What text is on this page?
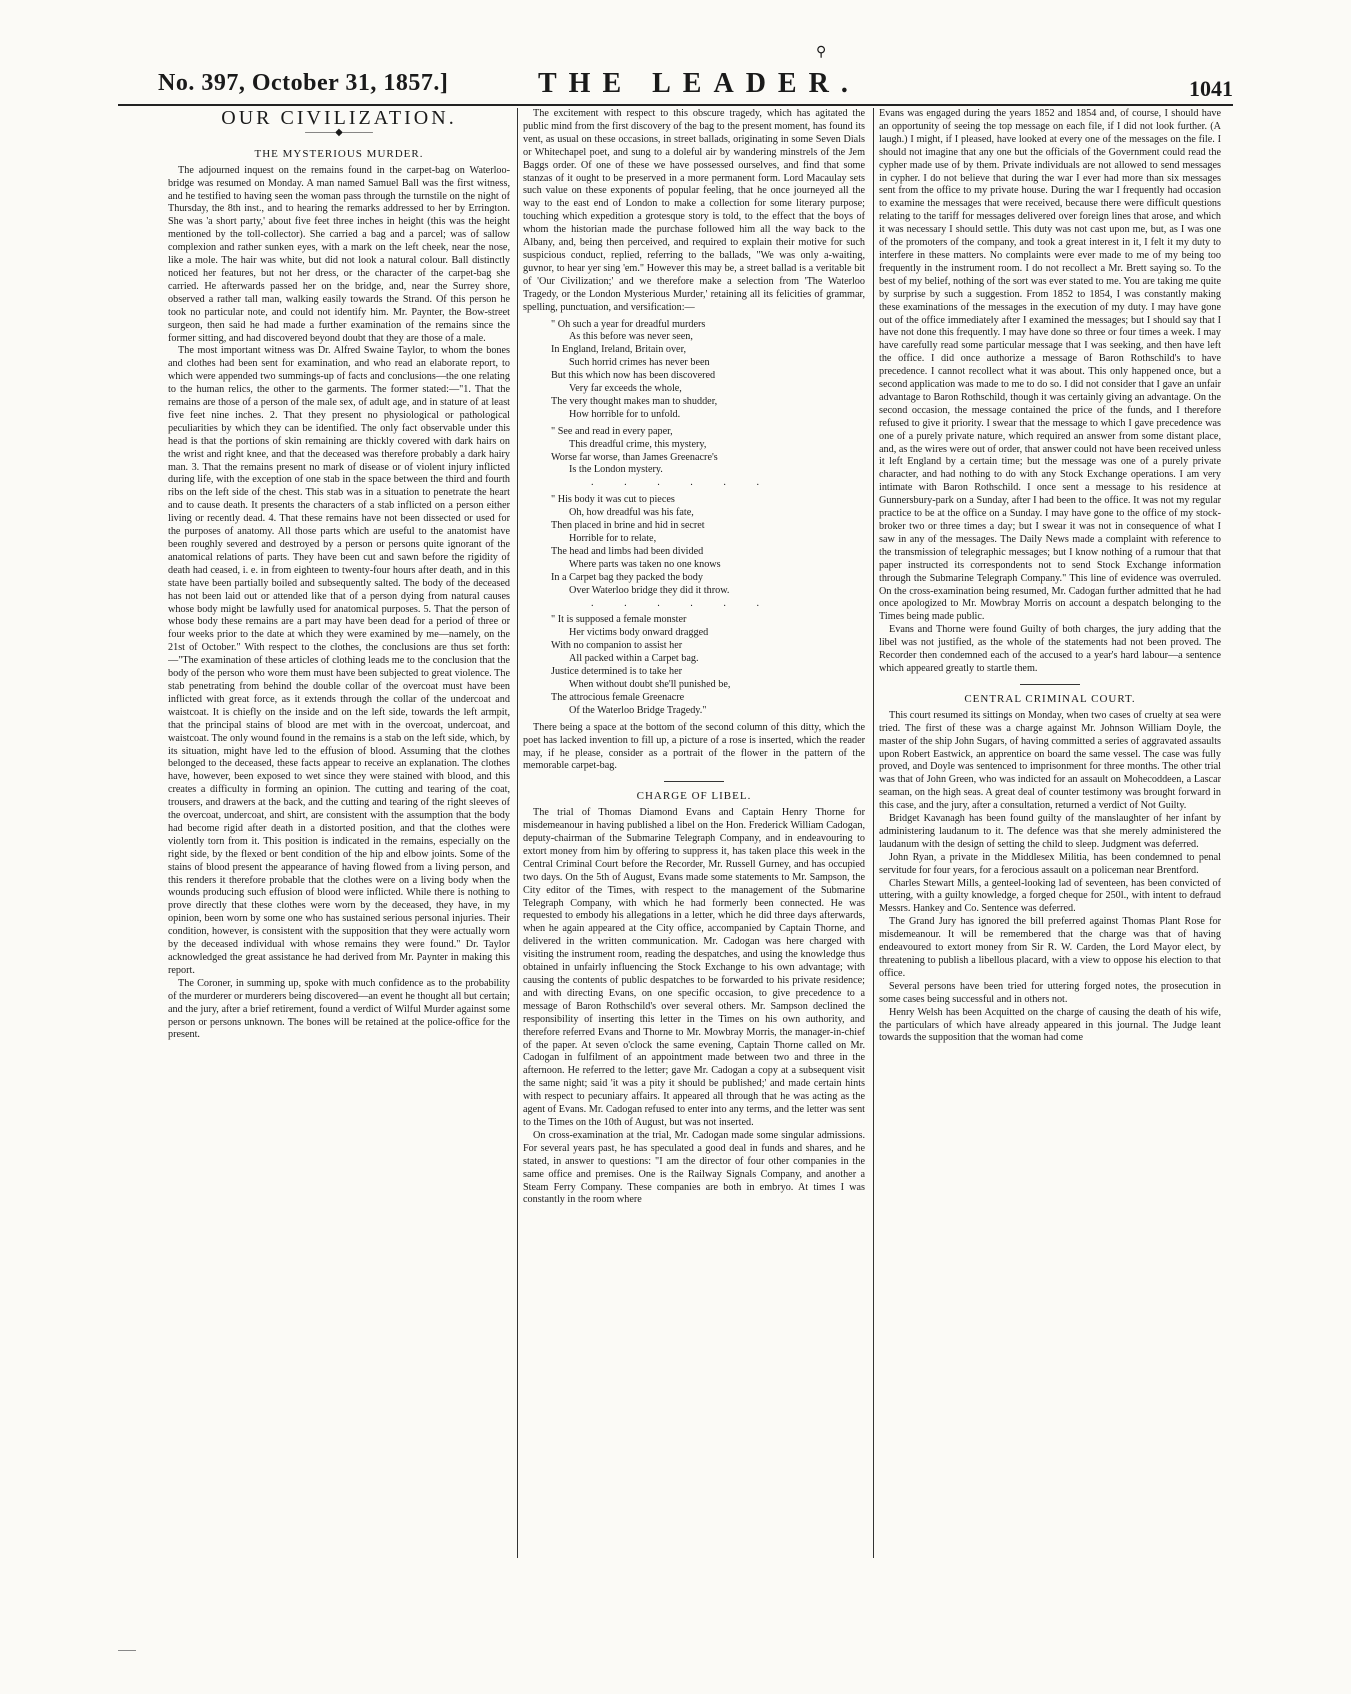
⚲
No. 397, October 31, 1857.]	THE LEADER.	1041
OUR CIVILIZATION.
———◆———
THE MYSTERIOUS MURDER.

The adjourned inquest on the remains found in the carpet-bag on Waterloo-bridge was resumed on Monday. A man named Samuel Ball was the first witness, and he testified to having seen the woman pass through the turnstile on the night of Thursday, the 8th inst., and to hearing the remarks addressed to her by Errington. She was 'a short party,' about five feet three inches in height (this was the height mentioned by the toll-collector). She carried a bag and a parcel; was of sallow complexion and rather sunken eyes, with a mark on the left cheek, near the nose, like a mole. The hair was white, but did not look a natural colour. Ball distinctly noticed her features, but not her dress, or the character of the carpet-bag she carried. He afterwards passed her on the bridge, and, near the Surrey shore, observed a rather tall man, walking easily towards the Strand. Of this person he took no particular note, and could not identify him. Mr. Paynter, the Bow-street surgeon, then said he had made a further examination of the remains since the former sitting, and had discovered beyond doubt that they are those of a male.

The most important witness was Dr. Alfred Swaine Taylor, to whom the bones and clothes had been sent for examination, and who read an elaborate report, to which were appended two summings-up of facts and conclusions—the one relating to the human relics, the other to the garments. The former stated:—"1. That the remains are those of a person of the male sex, of adult age, and in stature of at least five feet nine inches. 2. That they present no physiological or pathological peculiarities by which they can be identified. The only fact observable under this head is that the portions of skin remaining are thickly covered with dark hairs on the wrist and right knee, and that the deceased was therefore probably a dark hairy man. 3. That the remains present no mark of disease or of violent injury inflicted during life, with the exception of one stab in the space between the third and fourth ribs on the left side of the chest. This stab was in a situation to penetrate the heart and to cause death. It presents the characters of a stab inflicted on a person either living or recently dead. 4. That these remains have not been dissected or used for the purposes of anatomy. All those parts which are useful to the anatomist have been roughly severed and destroyed by a person or persons quite ignorant of the anatomical relations of parts. They have been cut and sawn before the rigidity of death had ceased, i. e. in from eighteen to twenty-four hours after death, and in this state have been partially boiled and subsequently salted. The body of the deceased has not been laid out or attended like that of a person dying from natural causes whose body might be lawfully used for anatomical purposes. 5. That the person of whose body these remains are a part may have been dead for a period of three or four weeks prior to the date at which they were examined by me—namely, on the 21st of October." With respect to the clothes, the conclusions are thus set forth:—"The examination of these articles of clothing leads me to the conclusion that the body of the person who wore them must have been subjected to great violence. The stab penetrating from behind the double collar of the overcoat must have been inflicted with great force, as it extends through the collar of the undercoat and waistcoat. It is chiefly on the inside and on the left side, towards the left armpit, that the principal stains of blood are met with in the overcoat, undercoat, and waistcoat. The only wound found in the remains is a stab on the left side, which, by its situation, might have led to the effusion of blood. Assuming that the clothes belonged to the deceased, these facts appear to receive an explanation. The clothes have, however, been exposed to wet since they were stained with blood, and this creates a difficulty in forming an opinion. The cutting and tearing of the coat, trousers, and drawers at the back, and the cutting and tearing of the right sleeves of the overcoat, undercoat, and shirt, are consistent with the assumption that the body had become rigid after death in a distorted position, and that the clothes were violently torn from it. This position is indicated in the remains, especially on the right side, by the flexed or bent condition of the hip and elbow joints. Some of the stains of blood present the appearance of having flowed from a living person, and this renders it therefore probable that the clothes were on a living body when the wounds producing such effusion of blood were inflicted. While there is nothing to prove directly that these clothes were worn by the deceased, they have, in my opinion, been worn by some one who has sustained serious personal injuries. Their condition, however, is consistent with the supposition that they were actually worn by the deceased individual with whose remains they were found." Dr. Taylor acknowledged the great assistance he had derived from Mr. Paynter in making this report.

The Coroner, in summing up, spoke with much confidence as to the probability of the murderer or murderers being discovered—an event he thought all but certain; and the jury, after a brief retirement, found a verdict of Wilful Murder against some person or persons unknown. The bones will be retained at the police-office for the present.

The excitement with respect to this obscure tragedy, which has agitated the public mind from the first discovery of the bag to the present moment, has found its vent, as usual on these occasions, in street ballads, originating in some Seven Dials or Whitechapel poet, and sung to a doleful air by wandering minstrels of the Jem Baggs order. Of one of these we have possessed ourselves, and find that some stanzas of it ought to be preserved in a more permanent form. Lord Macaulay sets such value on these exponents of popular feeling, that he once journeyed all the way to the east end of London to make a collection for some literary purpose; touching which expedition a grotesque story is told, to the effect that the boys of whom the historian made the purchase followed him all the way back to the Albany, and, being then perceived, and required to explain their motive for such suspicious conduct, replied, referring to the ballads, "We was only a-waiting, guvnor, to hear yer sing 'em." However this may be, a street ballad is a veritable bit of 'Our Civilization;' and we therefore make a selection from 'The Waterloo Tragedy, or the London Mysterious Murder,' retaining all its felicities of grammar, spelling, punctuation, and versification:—

" Oh such a year for dreadful murders
As this before was never seen,
In England, Ireland, Britain over,
Such horrid crimes has never been
But this which now has been discovered
Very far exceeds the whole,
The very thought makes man to shudder,
How horrible for to unfold.
" See and read in every paper,
This dreadful crime, this mystery,
Worse far worse, than James Greenacre's
Is the London mystery.
. . . . . .
" His body it was cut to pieces
Oh, how dreadful was his fate,
Then placed in brine and hid in secret
Horrible for to relate,
The head and limbs had been divided
Where parts was taken no one knows
In a Carpet bag they packed the body
Over Waterloo bridge they did it throw.
. . . . . .
" It is supposed a female monster
Her victims body onward dragged
With no companion to assist her
All packed within a Carpet bag.
Justice determined is to take her
When without doubt she'll punished be,
The attrocious female Greenacre
Of the Waterloo Bridge Tragedy."

There being a space at the bottom of the second column of this ditty, which the poet has lacked invention to fill up, a picture of a rose is inserted, which the reader may, if he please, consider as a portrait of the flower in the pattern of the memorable carpet-bag.

CHARGE OF LIBEL.

The trial of Thomas Diamond Evans and Captain Henry Thorne for misdemeanour in having published a libel on the Hon. Frederick William Cadogan, deputy-chairman of the Submarine Telegraph Company, and in endeavouring to extort money from him by offering to suppress it, has taken place this week in the Central Criminal Court before the Recorder, Mr. Russell Gurney, and has occupied two days. On the 5th of August, Evans made some statements to Mr. Sampson, the City editor of the Times, with respect to the management of the Submarine Telegraph Company, with which he had formerly been connected. He was requested to embody his allegations in a letter, which he did three days afterwards, when he again appeared at the City office, accompanied by Captain Thorne, and delivered in the written communication. Mr. Cadogan was here charged with visiting the instrument room, reading the despatches, and using the knowledge thus obtained in unfairly influencing the Stock Exchange to his own advantage; with causing the contents of public despatches to be forwarded to his private residence; and with directing Evans, on one specific occasion, to give precedence to a message of Baron Rothschild's over several others. Mr. Sampson declined the responsibility of inserting this letter in the Times on his own authority, and therefore referred Evans and Thorne to Mr. Mowbray Morris, the manager-in-chief of the paper. At seven o'clock the same evening, Captain Thorne called on Mr. Cadogan in fulfilment of an appointment made between two and three in the afternoon. He referred to the letter; gave Mr. Cadogan a copy at a subsequent visit the same night; said 'it was a pity it should be published;' and made certain hints with respect to pecuniary affairs. It appeared all through that he was acting as the agent of Evans. Mr. Cadogan refused to enter into any terms, and the letter was sent to the Times on the 10th of August, but was not inserted.

On cross-examination at the trial, Mr. Cadogan made some singular admissions. For several years past, he has speculated a good deal in funds and shares, and he stated, in answer to questions: "I am the director of four other companies in the same office and premises. One is the Railway Signals Company, and another a Steam Ferry Company. These companies are both in embryo. At times I was constantly in the room where

Evans was engaged during the years 1852 and 1854 and, of course, I should have an opportunity of seeing the top message on each file, if I did not look further. (A laugh.) I might, if I pleased, have looked at every one of the messages on the file. I should not imagine that any one but the officials of the Government could read the cypher made use of by them. Private individuals are not allowed to send messages in cypher. I do not believe that during the war I ever had more than six messages sent from the office to my private house. During the war I frequently had occasion to examine the messages that were received, because there were difficult questions relating to the tariff for messages delivered over foreign lines that arose, and which it was necessary I should settle. This duty was not cast upon me, but, as I was one of the promoters of the company, and took a great interest in it, I felt it my duty to interfere in these matters. No complaints were ever made to me of my being too frequently in the instrument room. I do not recollect a Mr. Brett saying so. To the best of my belief, nothing of the sort was ever stated to me. You are taking me quite by surprise by such a suggestion. From 1852 to 1854, I was constantly making these examinations of the messages in the execution of my duty. I may have gone out of the office immediately after I examined the messages; but I should say that I have not done this frequently. I may have done so three or four times a week. I may have carefully read some particular message that I was seeking, and then have left the office. I did once authorize a message of Baron Rothschild's to have precedence. I cannot recollect what it was about. This only happened once, but a second application was made to me to do so. I did not consider that I gave an unfair advantage to Baron Rothschild, though it was certainly giving an advantage. On the second occasion, the message contained the price of the funds, and I therefore refused to give it priority. I swear that the message to which I gave precedence was one of a purely private nature, which required an answer from some distant place, and, as the wires were out of order, that answer could not have been received unless it left England by a certain time; but the message was one of a purely private character, and had nothing to do with any Stock Exchange operations. I am very intimate with Baron Rothschild. I once sent a message to his residence at Gunnersbury-park on a Sunday, after I had been to the office. It was not my regular practice to be at the office on a Sunday. I may have gone to the office of my stock-broker two or three times a day; but I swear it was not in consequence of what I saw in any of the messages. The Daily News made a complaint with reference to the transmission of telegraphic messages; but I know nothing of a rumour that that paper instructed its correspondents not to send Stock Exchange information through the Submarine Telegraph Company." This line of evidence was overruled. On the cross-examination being resumed, Mr. Cadogan further admitted that he had once apologized to Mr. Mowbray Morris on account a despatch belonging to the Times being made public.

Evans and Thorne were found Guilty of both charges, the jury adding that the libel was not justified, as the whole of the statements had not been proved. The Recorder then condemned each of the accused to a year's hard labour—a sentence which appeared greatly to startle them.

CENTRAL CRIMINAL COURT.

This court resumed its sittings on Monday, when two cases of cruelty at sea were tried. The first of these was a charge against Mr. Johnson William Doyle, the master of the ship John Sugars, of having committed a series of aggravated assaults upon Robert Eastwick, an apprentice on board the same vessel. The case was fully proved, and Doyle was sentenced to imprisonment for three months. The other trial was that of John Green, who was indicted for an assault on Mohecoddeen, a Lascar seaman, on the high seas. A great deal of counter testimony was brought forward in this case, and the jury, after a consultation, returned a verdict of Not Guilty.

Bridget Kavanagh has been found guilty of the manslaughter of her infant by administering laudanum to it. The defence was that she merely administered the laudanum with the design of setting the child to sleep. Judgment was deferred.

John Ryan, a private in the Middlesex Militia, has been condemned to penal servitude for four years, for a ferocious assault on a policeman near Brentford.

Charles Stewart Mills, a genteel-looking lad of seventeen, has been convicted of uttering, with a guilty knowledge, a forged cheque for 250l., with intent to defraud Messrs. Hankey and Co. Sentence was deferred.

The Grand Jury has ignored the bill preferred against Thomas Plant Rose for misdemeanour. It will be remembered that the charge was that of having endeavoured to extort money from Sir R. W. Carden, the Lord Mayor elect, by threatening to publish a libellous placard, with a view to oppose his election to that office.

Several persons have been tried for uttering forged notes, the prosecution in some cases being successful and in others not.

Henry Welsh has been Acquitted on the charge of causing the death of his wife, the particulars of which have already appeared in this journal. The Judge leant towards the supposition that the woman had come
